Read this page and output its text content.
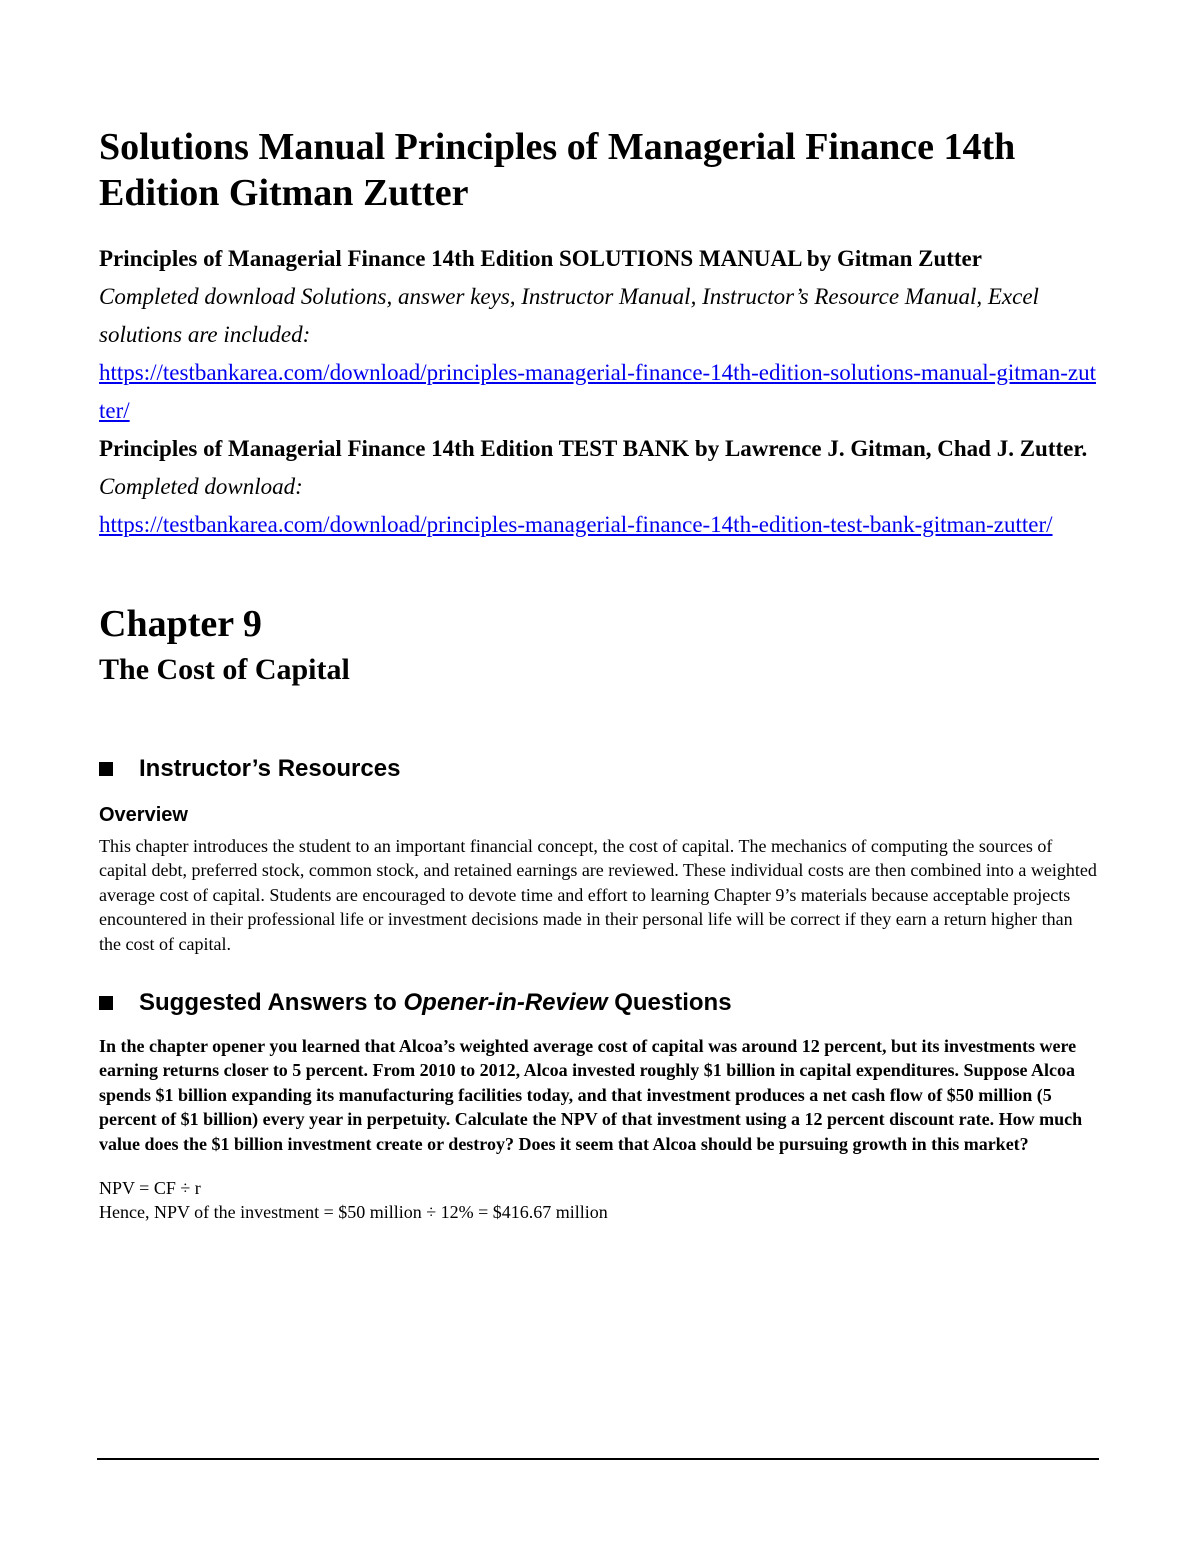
Solutions Manual Principles of Managerial Finance 14th Edition Gitman Zutter

Principles of Managerial Finance 14th Edition SOLUTIONS MANUAL by Gitman Zutter

Completed download Solutions, answer keys, Instructor Manual, Instructor’s Resource Manual, Excel solutions are included:

https://testbankarea.com/download/principles-managerial-finance-14th-edition-solutions-manual-gitman-zutter/

Principles of Managerial Finance 14th Edition TEST BANK by Lawrence J. Gitman, Chad J. Zutter.

Completed download:

https://testbankarea.com/download/principles-managerial-finance-14th-edition-test-bank-gitman-zutter/
Chapter 9
The Cost of Capital
Instructor’s Resources
Overview

This chapter introduces the student to an important financial concept, the cost of capital. The mechanics of computing the sources of capital debt, preferred stock, common stock, and retained earnings are reviewed. These individual costs are then combined into a weighted average cost of capital. Students are encouraged to devote time and effort to learning Chapter 9’s materials because acceptable projects encountered in their professional life or investment decisions made in their personal life will be correct if they earn a return higher than the cost of capital.

Suggested Answers to Opener-in-Review Questions

In the chapter opener you learned that Alcoa’s weighted average cost of capital was around 12 percent, but its investments were earning returns closer to 5 percent. From 2010 to 2012, Alcoa invested roughly $1 billion in capital expenditures. Suppose Alcoa spends $1 billion expanding its manufacturing facilities today, and that investment produces a net cash flow of $50 million (5 percent of $1 billion) every year in perpetuity. Calculate the NPV of that investment using a 12 percent discount rate. How much value does the $1 billion investment create or destroy? Does it seem that Alcoa should be pursuing growth in this market?

NPV = CF ÷ r

Hence, NPV of the investment = $50 million ÷ 12% = $416.67 million
